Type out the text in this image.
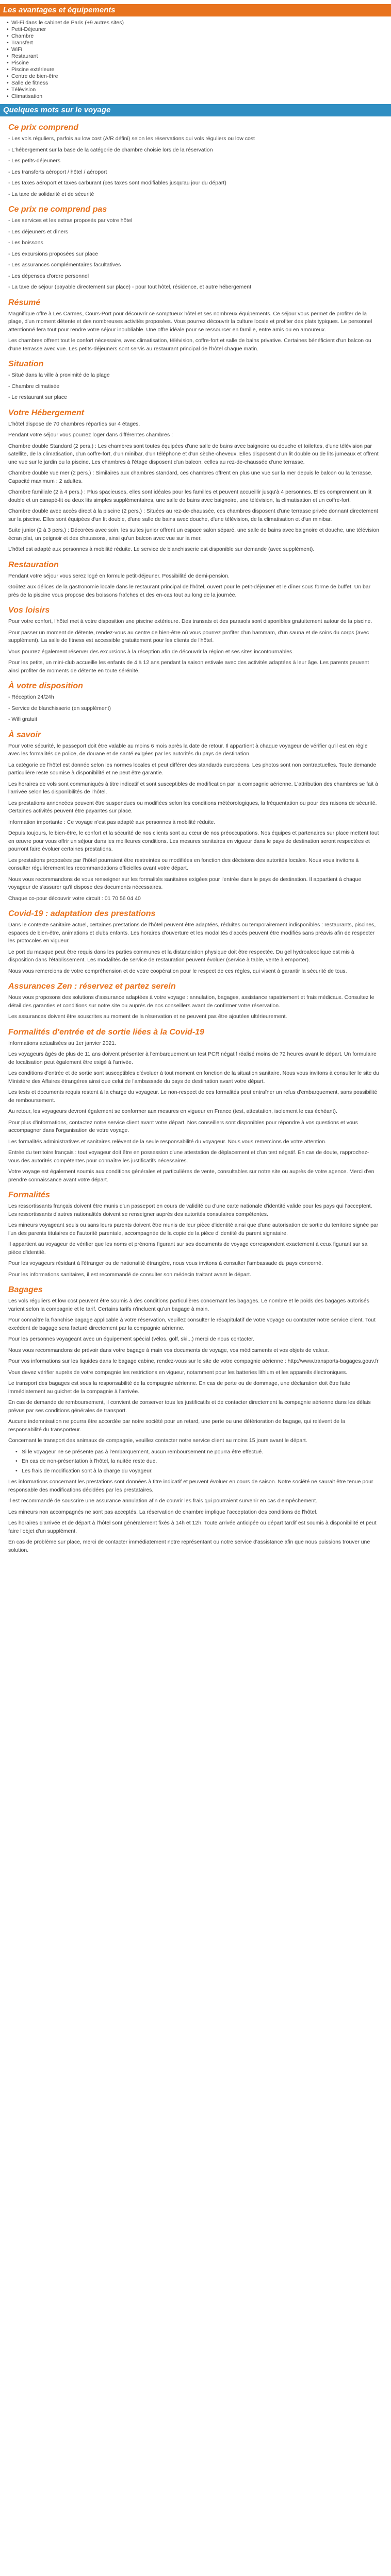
Les avantages et équipements
• Wi-Fi dans le cabinet de Paris (+9 autres sites)
• Petit-Déjeuner
• Chambre
• Transfert
• WiFi
• Restaurant
• Piscine
• Piscine extérieure
• Centre de bien-être
• Salle de fitness
• Télévision
• Climatisation
Quelques mots sur le voyage
Ce prix comprend

- Les vols réguliers, parfois au low cost (A/R défini) selon les réservations qui vols réguliers ou low cost

- L'hébergement sur la base de la catégorie de chambre choisie lors de la réservation

- Les petits-déjeuners

- Les transferts aéroport / hôtel / aéroport

- Les taxes aéroport et taxes carburant (ces taxes sont modifiables jusqu'au jour du départ)

- La taxe de solidarité et de sécurité

Ce prix ne comprend pas

- Les services et les extras proposés par votre hôtel

- Les déjeuners et dîners

- Les boissons

- Les excursions proposées sur place

- Les assurances complémentaires facultatives

- Les dépenses d'ordre personnel

- La taxe de séjour (payable directement sur place) - pour tout hôtel, résidence, et autre hébergement

Résumé

Magnifique offre à Les Carmes, Cours-Port pour découvrir ce somptueux hôtel et ses nombreux équipements. Ce séjour vous permet de profiter de la plage, d'un moment détente et des nombreuses activités proposées. Vous pourrez découvrir la culture locale et profiter des plats typiques. Le personnel attentionné fera tout pour rendre votre séjour inoubliable. Une offre idéale pour se ressourcer en famille, entre amis ou en amoureux.

Les chambres offrent tout le confort nécessaire, avec climatisation, télévision, coffre-fort et salle de bains privative. Certaines bénéficient d'un balcon ou d'une terrasse avec vue. Les petits-déjeuners sont servis au restaurant principal de l'hôtel chaque matin.

Situation

- Situé dans la ville à proximité de la plage

- Chambre climatisée

- Le restaurant sur place

Votre Hébergement

L'hôtel dispose de 70 chambres réparties sur 4 étages.

Pendant votre séjour vous pourrez loger dans différentes chambres :

Chambre double Standard (2 pers.) : Les chambres sont toutes équipées d'une salle de bains avec baignoire ou douche et toilettes, d'une télévision par satellite, de la climatisation, d'un coffre-fort, d'un minibar, d'un téléphone et d'un sèche-cheveux. Elles disposent d'un lit double ou de lits jumeaux et offrent une vue sur le jardin ou la piscine. Les chambres à l'étage disposent d'un balcon, celles au rez-de-chaussée d'une terrasse.

Chambre double vue mer (2 pers.) : Similaires aux chambres standard, ces chambres offrent en plus une vue sur la mer depuis le balcon ou la terrasse. Capacité maximum : 2 adultes.

Chambre familiale (2 à 4 pers.) : Plus spacieuses, elles sont idéales pour les familles et peuvent accueillir jusqu'à 4 personnes. Elles comprennent un lit double et un canapé-lit ou deux lits simples supplémentaires, une salle de bains avec baignoire, une télévision, la climatisation et un coffre-fort.

Chambre double avec accès direct à la piscine (2 pers.) : Situées au rez-de-chaussée, ces chambres disposent d'une terrasse privée donnant directement sur la piscine. Elles sont équipées d'un lit double, d'une salle de bains avec douche, d'une télévision, de la climatisation et d'un minibar.

Suite junior (2 à 3 pers.) : Décorées avec soin, les suites junior offrent un espace salon séparé, une salle de bains avec baignoire et douche, une télévision écran plat, un peignoir et des chaussons, ainsi qu'un balcon avec vue sur la mer.

L'hôtel est adapté aux personnes à mobilité réduite. Le service de blanchisserie est disponible sur demande (avec supplément).

Restauration

Pendant votre séjour vous serez logé en formule petit-déjeuner. Possibilité de demi-pension.

Goûtez aux délices de la gastronomie locale dans le restaurant principal de l'hôtel, ouvert pour le petit-déjeuner et le dîner sous forme de buffet. Un bar près de la piscine vous propose des boissons fraîches et des en-cas tout au long de la journée.

Vos loisirs

Pour votre confort, l'hôtel met à votre disposition une piscine extérieure. Des transats et des parasols sont disponibles gratuitement autour de la piscine.

Pour passer un moment de détente, rendez-vous au centre de bien-être où vous pourrez profiter d'un hammam, d'un sauna et de soins du corps (avec supplément). La salle de fitness est accessible gratuitement pour les clients de l'hôtel.

Vous pourrez également réserver des excursions à la réception afin de découvrir la région et ses sites incontournables.

Pour les petits, un mini-club accueille les enfants de 4 à 12 ans pendant la saison estivale avec des activités adaptées à leur âge. Les parents peuvent ainsi profiter de moments de détente en toute sérénité.

À votre disposition

- Réception 24/24h

- Service de blanchisserie (en supplément)

- Wifi gratuit

À savoir

Pour votre sécurité, le passeport doit être valable au moins 6 mois après la date de retour. Il appartient à chaque voyageur de vérifier qu'il est en règle avec les formalités de police, de douane et de santé exigées par les autorités du pays de destination.

La catégorie de l'hôtel est donnée selon les normes locales et peut différer des standards européens. Les photos sont non contractuelles. Toute demande particulière reste soumise à disponibilité et ne peut être garantie.

Les horaires de vols sont communiqués à titre indicatif et sont susceptibles de modification par la compagnie aérienne. L'attribution des chambres se fait à l'arrivée selon les disponibilités de l'hôtel.

Les prestations annoncées peuvent être suspendues ou modifiées selon les conditions météorologiques, la fréquentation ou pour des raisons de sécurité. Certaines activités peuvent être payantes sur place.

Information importante : Ce voyage n'est pas adapté aux personnes à mobilité réduite.

Depuis toujours, le bien-être, le confort et la sécurité de nos clients sont au cœur de nos préoccupations. Nos équipes et partenaires sur place mettent tout en œuvre pour vous offrir un séjour dans les meilleures conditions. Les mesures sanitaires en vigueur dans le pays de destination seront respectées et pourront faire évoluer certaines prestations.

Les prestations proposées par l'hôtel pourraient être restreintes ou modifiées en fonction des décisions des autorités locales. Nous vous invitons à consulter régulièrement les recommandations officielles avant votre départ.

Nous vous recommandons de vous renseigner sur les formalités sanitaires exigées pour l'entrée dans le pays de destination. Il appartient à chaque voyageur de s'assurer qu'il dispose des documents nécessaires.

Chaque co-pour découvrir votre circuit : 01 70 56 04 40

Covid-19 : adaptation des prestations

Dans le contexte sanitaire actuel, certaines prestations de l'hôtel peuvent être adaptées, réduites ou temporairement indisponibles : restaurants, piscines, espaces de bien-être, animations et clubs enfants. Les horaires d'ouverture et les modalités d'accès peuvent être modifiés sans préavis afin de respecter les protocoles en vigueur.

Le port du masque peut être requis dans les parties communes et la distanciation physique doit être respectée. Du gel hydroalcoolique est mis à disposition dans l'établissement. Les modalités de service de restauration peuvent évoluer (service à table, vente à emporter).

Nous vous remercions de votre compréhension et de votre coopération pour le respect de ces règles, qui visent à garantir la sécurité de tous.

Assurances Zen : réservez et partez serein

Nous vous proposons des solutions d'assurance adaptées à votre voyage : annulation, bagages, assistance rapatriement et frais médicaux. Consultez le détail des garanties et conditions sur notre site ou auprès de nos conseillers avant de confirmer votre réservation.

Les assurances doivent être souscrites au moment de la réservation et ne peuvent pas être ajoutées ultérieurement.

Formalités d'entrée et de sortie liées à la Covid-19

Informations actualisées au 1er janvier 2021.

Les voyageurs âgés de plus de 11 ans doivent présenter à l'embarquement un test PCR négatif réalisé moins de 72 heures avant le départ. Un formulaire de localisation peut également être exigé à l'arrivée.

Les conditions d'entrée et de sortie sont susceptibles d'évoluer à tout moment en fonction de la situation sanitaire. Nous vous invitons à consulter le site du Ministère des Affaires étrangères ainsi que celui de l'ambassade du pays de destination avant votre départ.

Les tests et documents requis restent à la charge du voyageur. Le non-respect de ces formalités peut entraîner un refus d'embarquement, sans possibilité de remboursement.

Au retour, les voyageurs devront également se conformer aux mesures en vigueur en France (test, attestation, isolement le cas échéant).

Pour plus d'informations, contactez notre service client avant votre départ. Nos conseillers sont disponibles pour répondre à vos questions et vous accompagner dans l'organisation de votre voyage.

Les formalités administratives et sanitaires relèvent de la seule responsabilité du voyageur. Nous vous remercions de votre attention.

Entrée du territoire français : tout voyageur doit être en possession d'une attestation de déplacement et d'un test négatif. En cas de doute, rapprochez-vous des autorités compétentes pour connaître les justificatifs nécessaires.

Votre voyage est également soumis aux conditions générales et particulières de vente, consultables sur notre site ou auprès de votre agence. Merci d'en prendre connaissance avant votre départ.

Formalités

Les ressortissants français doivent être munis d'un passeport en cours de validité ou d'une carte nationale d'identité valide pour les pays qui l'acceptent. Les ressortissants d'autres nationalités doivent se renseigner auprès des autorités consulaires compétentes.

Les mineurs voyageant seuls ou sans leurs parents doivent être munis de leur pièce d'identité ainsi que d'une autorisation de sortie du territoire signée par l'un des parents titulaires de l'autorité parentale, accompagnée de la copie de la pièce d'identité du parent signataire.

Il appartient au voyageur de vérifier que les noms et prénoms figurant sur ses documents de voyage correspondent exactement à ceux figurant sur sa pièce d'identité.

Pour les voyageurs résidant à l'étranger ou de nationalité étrangère, nous vous invitons à consulter l'ambassade du pays concerné.

Pour les informations sanitaires, il est recommandé de consulter son médecin traitant avant le départ.

Bagages

Les vols réguliers et low cost peuvent être soumis à des conditions particulières concernant les bagages. Le nombre et le poids des bagages autorisés varient selon la compagnie et le tarif. Certains tarifs n'incluent qu'un bagage à main.

Pour connaître la franchise bagage applicable à votre réservation, veuillez consulter le récapitulatif de votre voyage ou contacter notre service client. Tout excédent de bagage sera facturé directement par la compagnie aérienne.

Pour les personnes voyageant avec un équipement spécial (vélos, golf, ski...) merci de nous contacter.

Nous vous recommandons de prévoir dans votre bagage à main vos documents de voyage, vos médicaments et vos objets de valeur.

Pour vos informations sur les liquides dans le bagage cabine, rendez-vous sur le site de votre compagnie aérienne : http://www.transports-bagages.gouv.fr

Vous devez vérifier auprès de votre compagnie les restrictions en vigueur, notamment pour les batteries lithium et les appareils électroniques.

Le transport des bagages est sous la responsabilité de la compagnie aérienne. En cas de perte ou de dommage, une déclaration doit être faite immédiatement au guichet de la compagnie à l'arrivée.

En cas de demande de remboursement, il convient de conserver tous les justificatifs et de contacter directement la compagnie aérienne dans les délais prévus par ses conditions générales de transport.

Aucune indemnisation ne pourra être accordée par notre société pour un retard, une perte ou une détérioration de bagage, qui relèvent de la responsabilité du transporteur.

Concernant le transport des animaux de compagnie, veuillez contacter notre service client au moins 15 jours avant le départ.

• Si le voyageur ne se présente pas à l'embarquement, aucun remboursement ne pourra être effectué.
• En cas de non-présentation à l'hôtel, la nuitée reste due.
• Les frais de modification sont à la charge du voyageur.

Les informations concernant les prestations sont données à titre indicatif et peuvent évoluer en cours de saison. Notre société ne saurait être tenue pour responsable des modifications décidées par les prestataires.

Il est recommandé de souscrire une assurance annulation afin de couvrir les frais qui pourraient survenir en cas d'empêchement.

Les mineurs non accompagnés ne sont pas acceptés. La réservation de chambre implique l'acceptation des conditions de l'hôtel.

Les horaires d'arrivée et de départ à l'hôtel sont généralement fixés à 14h et 12h. Toute arrivée anticipée ou départ tardif est soumis à disponibilité et peut faire l'objet d'un supplément.

En cas de problème sur place, merci de contacter immédiatement notre représentant ou notre service d'assistance afin que nous puissions trouver une solution.
